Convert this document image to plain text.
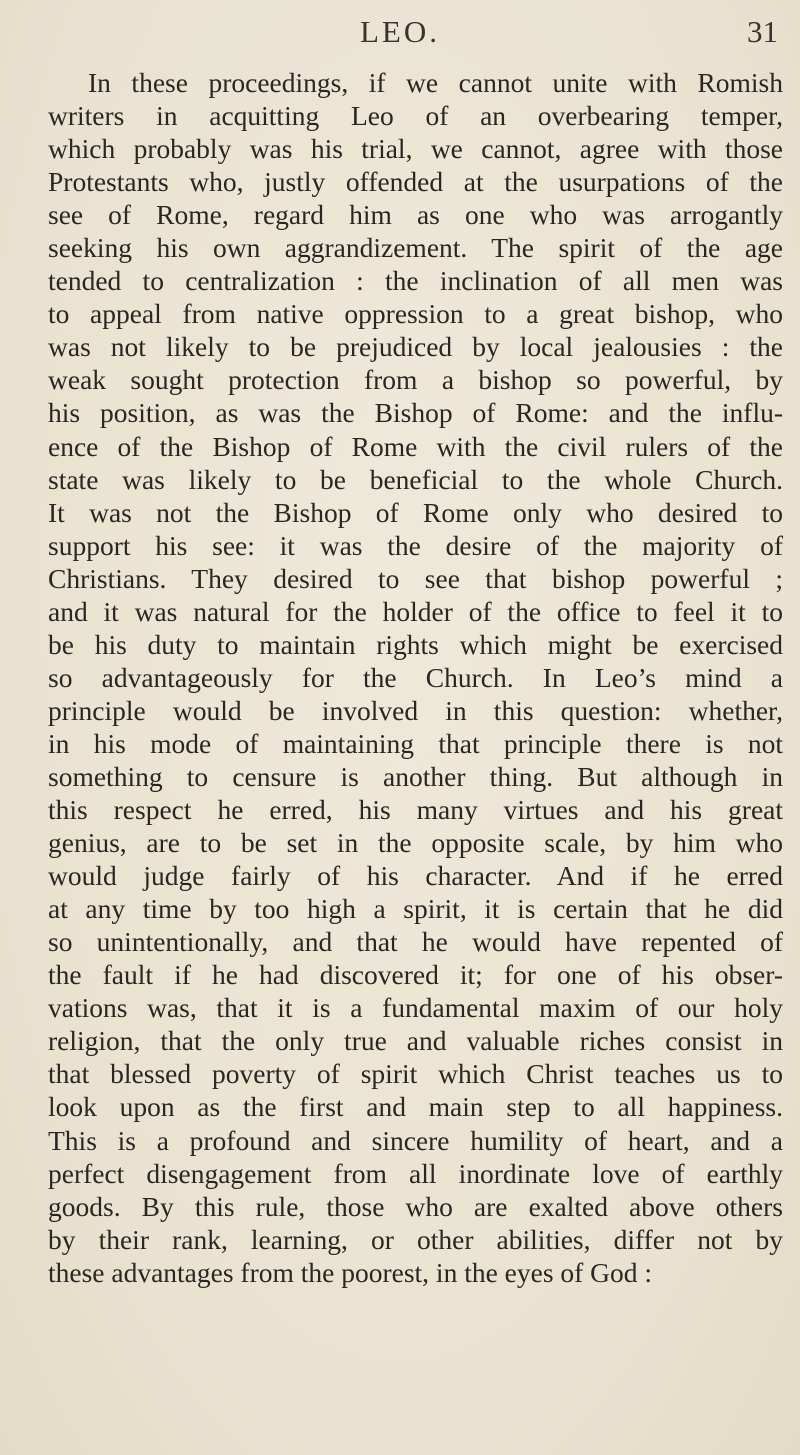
LEO.	31
In these proceedings, if we cannot unite with Romish
writers in acquitting Leo of an overbearing temper,
which probably was his trial, we cannot, agree with those
Protestants who, justly offended at the usurpations of the
see of Rome, regard him as one who was arrogantly
seeking his own aggrandizement. The spirit of the age
tended to centralization : the inclination of all men was
to appeal from native oppression to a great bishop, who
was not likely to be prejudiced by local jealousies : the
weak sought protection from a bishop so powerful, by
his position, as was the Bishop of Rome: and the influ-
ence of the Bishop of Rome with the civil rulers of the
state was likely to be beneficial to the whole Church.
It was not the Bishop of Rome only who desired to
support his see: it was the desire of the majority of
Christians. They desired to see that bishop powerful ;
and it was natural for the holder of the office to feel it to
be his duty to maintain rights which might be exercised
so advantageously for the Church. In Leo’s mind a
principle would be involved in this question: whether,
in his mode of maintaining that principle there is not
something to censure is another thing. But although in
this respect he erred, his many virtues and his great
genius, are to be set in the opposite scale, by him who
would judge fairly of his character. And if he erred
at any time by too high a spirit, it is certain that he did
so unintentionally, and that he would have repented of
the fault if he had discovered it; for one of his obser-
vations was, that it is a fundamental maxim of our holy
religion, that the only true and valuable riches consist in
that blessed poverty of spirit which Christ teaches us to
look upon as the first and main step to all happiness.
This is a profound and sincere humility of heart, and a
perfect disengagement from all inordinate love of earthly
goods. By this rule, those who are exalted above others
by their rank, learning, or other abilities, differ not by
these advantages from the poorest, in the eyes of God :
